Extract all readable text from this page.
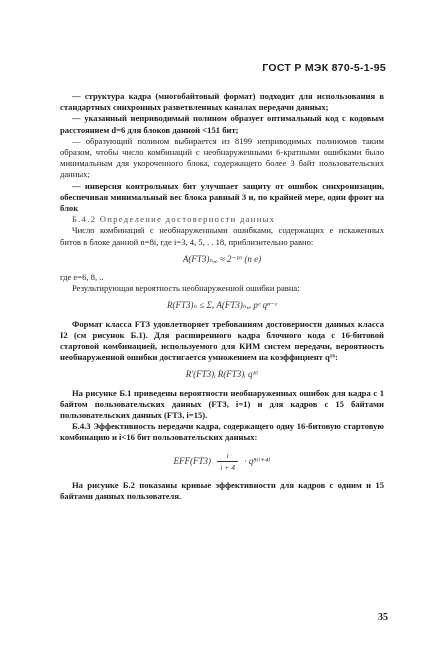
ГОСТ Р МЭК 870-5-1-95

— структура кадра (многобайтовый формат) подходит для использования в стандартных синхронных разветвленных каналах передачи данных;

— указанный неприводимый полином образует оптимальный код с кодовым расстоянием d=6 для блоков данной <151 бит;

— образующий полином выбирается из 8199 неприводимых полиномов таким образом, чтобы число комбинаций с необнаруженными 6-кратными ошибками было минимальным для укороченного блока, содержащего более 3 байт пользовательских данных;

— инверсия контрольных бит улучшает защиту от ошибок синхронизации, обеспечивая минимальный вес блока равный 3 и, по крайней мере, один фронт на блок

Б.4.2 Определение достоверности данных

Число комбинаций с необнаруженными ошибками, содержащих e искаженных битов в блоке данной n=8i, где i=3, 4, 5, . . 18, приблизительно равно:

A(FT3)ₙ,ₑ ≈ 2⁻¹⁶ (n e)

где e=6, 8, ..

Результирующая вероятность необнаруженной ошибки равна:

R(FT3)ₙ ≤ Σₑ A(FT3)ₙ,ₑ pᵉ qⁿ⁻ᵉ

Формат класса FT3 удовлетворяет требованиям достоверности данных класса I2 (см рисунок Б.1). Для расширенного кадра блочного кода с 16-битовой стартовой комбинацией, используемого для КИМ систем передачи, вероятность необнаруженной ошибки достигается умножением на коэффициент q¹⁶:

R'(FT3)ᵢ R(FT3)ᵢ q¹⁶

На рисунке Б.1 приведены вероятности необнаруженных ошибок для кадра с 1 байтом пользовательских данных (FT3, i=1) и для кадров с 15 байтами пользовательских данных (FT3, i=15).

Б.4.3 Эффективность передачи кадра, содержащего одну 16-битовую стартовую комбинацию и i<16 бит пользовательских данных:

$EFF(FT3) \frac{i}{i + 4} \cdot q^{8(i+4)}$

На рисунке Б.2 показаны кривые эффективности для кадров с одним и 15 байтами данных пользователя.

35
